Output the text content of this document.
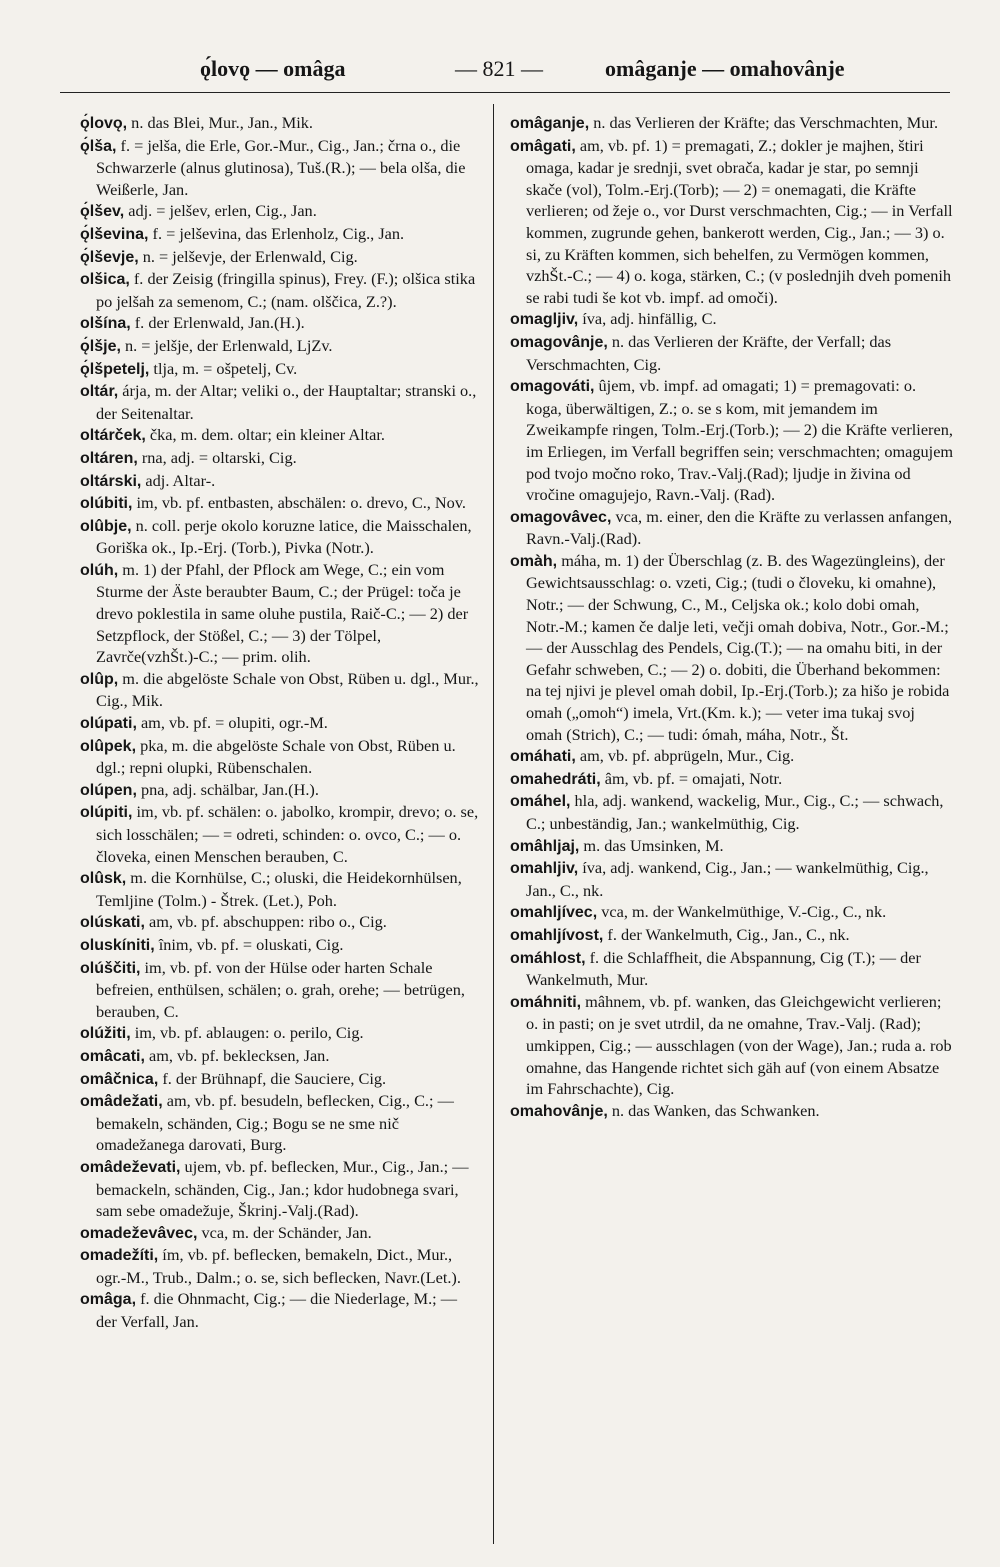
ǫ́lovǫ — omâga	— 821 —	omâganje — omahovânje

ǫ́lovǫ, n. das Blei, Mur., Jan., Mik.

ǫ́lša, f. = jelša, die Erle, Gor.-Mur., Cig., Jan.; črna o., die Schwarzerle (alnus glutinosa), Tuš.(R.); — bela olša, die Weißerle, Jan.

ǫ́lšev, adj. = jelšev, erlen, Cig., Jan.

ǫ́lševina, f. = jelševina, das Erlenholz, Cig., Jan.

ǫ́lševje, n. = jelševje, der Erlenwald, Cig.

olšica, f. der Zeisig (fringilla spinus), Frey. (F.); olšica stika po jelšah za semenom, C.; (nam. olščica, Z.?).

olšína, f. der Erlenwald, Jan.(H.).

ǫ́lšje, n. = jelšje, der Erlenwald, LjZv.

ǫ́lšpetelj, tlja, m. = ošpetelj, Cv.

oltár, árja, m. der Altar; veliki o., der Hauptaltar; stranski o., der Seitenaltar.

oltárček, čka, m. dem. oltar; ein kleiner Altar.

oltáren, rna, adj. = oltarski, Cig.

oltárski, adj. Altar-.

olúbiti, im, vb. pf. entbasten, abschälen: o. drevo, C., Nov.

olûbje, n. coll. perje okolo koruzne latice, die Maisschalen, Goriška ok., Ip.-Erj. (Torb.), Pivka (Notr.).

olúh, m. 1) der Pfahl, der Pflock am Wege, C.; ein vom Sturme der Äste beraubter Baum, C.; der Prügel: toča je drevo poklestila in same oluhe pustila, Raič-C.; — 2) der Setzpflock, der Stößel, C.; — 3) der Tölpel, Zavrče(vzhŠt.)-C.; — prim. olih.

olûp, m. die abgelöste Schale von Obst, Rüben u. dgl., Mur., Cig., Mik.

olúpati, am, vb. pf. = olupiti, ogr.-M.

olûpek, pka, m. die abgelöste Schale von Obst, Rüben u. dgl.; repni olupki, Rübenschalen.

olúpen, pna, adj. schälbar, Jan.(H.).

olúpiti, im, vb. pf. schälen: o. jabolko, krompir, drevo; o. se, sich losschälen; — = odreti, schinden: o. ovco, C.; — o. človeka, einen Menschen berauben, C.

olûsk, m. die Kornhülse, C.; oluski, die Heidekornhülsen, Temljine (Tolm.) - Štrek. (Let.), Poh.

olúskati, am, vb. pf. abschuppen: ribo o., Cig.

oluskíniti, înim, vb. pf. = oluskati, Cig.

olúščiti, im, vb. pf. von der Hülse oder harten Schale befreien, enthülsen, schälen; o. grah, orehe; — betrügen, berauben, C.

olúžiti, im, vb. pf. ablaugen: o. perilo, Cig.

omâcati, am, vb. pf. beklecksen, Jan.

omâčnica, f. der Brühnapf, die Sauciere, Cig.

omâdežati, am, vb. pf. besudeln, beflecken, Cig., C.; — bemakeln, schänden, Cig.; Bogu se ne sme nič omadežanega darovati, Burg.

omâdeževati, ujem, vb. pf. beflecken, Mur., Cig., Jan.; — bemackeln, schänden, Cig., Jan.; kdor hudobnega svari, sam sebe omadežuje, Škrinj.-Valj.(Rad).

omadeževâvec, vca, m. der Schänder, Jan.

omadežíti, ím, vb. pf. beflecken, bemakeln, Dict., Mur., ogr.-M., Trub., Dalm.; o. se, sich beflecken, Navr.(Let.).

omâga, f. die Ohnmacht, Cig.; — die Niederlage, M.; — der Verfall, Jan.

omâganje, n. das Verlieren der Kräfte; das Verschmachten, Mur.

omâgati, am, vb. pf. 1) = premagati, Z.; dokler je majhen, štiri omaga, kadar je srednji, svet obrača, kadar je star, po semnji skače (vol), Tolm.-Erj.(Torb); — 2) = onemagati, die Kräfte verlieren; od žeje o., vor Durst verschmachten, Cig.; — in Verfall kommen, zugrunde gehen, bankerott werden, Cig., Jan.; — 3) o. si, zu Kräften kommen, sich behelfen, zu Vermögen kommen, vzhŠt.-C.; — 4) o. koga, stärken, C.; (v poslednjih dveh pomenih se rabi tudi še kot vb. impf. ad omoči).

omagljiv, íva, adj. hinfällig, C.

omagovânje, n. das Verlieren der Kräfte, der Verfall; das Verschmachten, Cig.

omagováti, ûjem, vb. impf. ad omagati; 1) = premagovati: o. koga, überwältigen, Z.; o. se s kom, mit jemandem im Zweikampfe ringen, Tolm.-Erj.(Torb.); — 2) die Kräfte verlieren, im Erliegen, im Verfall begriffen sein; verschmachten; omagujem pod tvojo močno roko, Trav.-Valj.(Rad); ljudje in živina od vročine omagujejo, Ravn.-Valj. (Rad).

omagovâvec, vca, m. einer, den die Kräfte zu verlassen anfangen, Ravn.-Valj.(Rad).

omàh, máha, m. 1) der Überschlag (z. B. des Wagezüngleins), der Gewichtsausschlag: o. vzeti, Cig.; (tudi o človeku, ki omahne), Notr.; — der Schwung, C., M., Celjska ok.; kolo dobi omah, Notr.-M.; kamen če dalje leti, večji omah dobiva, Notr., Gor.-M.; — der Ausschlag des Pendels, Cig.(T.); — na omahu biti, in der Gefahr schweben, C.; — 2) o. dobiti, die Überhand bekommen: na tej njivi je plevel omah dobil, Ip.-Erj.(Torb.); za hišo je robida omah („omoh“) imela, Vrt.(Km. k.); — veter ima tukaj svoj omah (Strich), C.; — tudi: ómah, máha, Notr., Št.

omáhati, am, vb. pf. abprügeln, Mur., Cig.

omahedráti, âm, vb. pf. = omajati, Notr.

omáhel, hla, adj. wankend, wackelig, Mur., Cig., C.; — schwach, C.; unbeständig, Jan.; wankelmüthig, Cig.

omâhljaj, m. das Umsinken, M.

omahljiv, íva, adj. wankend, Cig., Jan.; — wankelmüthig, Cig., Jan., C., nk.

omahljívec, vca, m. der Wankelmüthige, V.-Cig., C., nk.

omahljívost, f. der Wankelmuth, Cig., Jan., C., nk.

omáhlost, f. die Schlaffheit, die Abspannung, Cig (T.); — der Wankelmuth, Mur.

omáhniti, mâhnem, vb. pf. wanken, das Gleichgewicht verlieren; o. in pasti; on je svet utrdil, da ne omahne, Trav.-Valj. (Rad); umkippen, Cig.; — ausschlagen (von der Wage), Jan.; ruda a. rob omahne, das Hangende richtet sich gäh auf (von einem Absatze im Fahrschachte), Cig.

omahovânje, n. das Wanken, das Schwanken.
